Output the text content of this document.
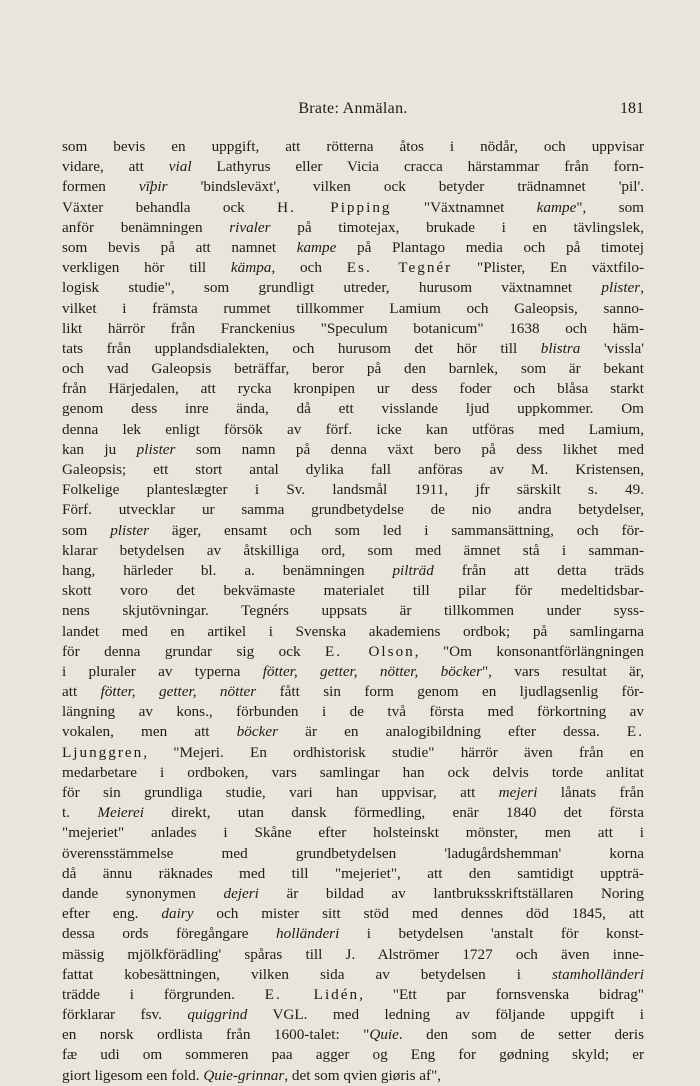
Brate: Anmälan.	181
som bevis en uppgift, att rötterna åtos i nödår, och uppvisar
vidare, att vial Lathyrus eller Vicia cracca härstammar från forn-
formen vīþir 'bindsleväxt', vilken ock betyder trädnamnet 'pil'.
Växter behandla ock H. Pipping "Växtnamnet kampe", som
anför benämningen rivaler på timotejax, brukade i en tävlingslek,
som bevis på att namnet kampe på Plantago media och på timotej
verkligen hör till kämpa, och Es. Tegnér "Plister, En växtfilo-
logisk studie", som grundligt utreder, hurusom växtnamnet plister,
vilket i främsta rummet tillkommer Lamium och Galeopsis, sanno-
likt härrör från Franckenius "Speculum botanicum" 1638 och häm-
tats från upplandsdialekten, och hurusom det hör till blistra 'vissla'
och vad Galeopsis beträffar, beror på den barnlek, som är bekant
från Härjedalen, att rycka kronpipen ur dess foder och blåsa starkt
genom dess inre ända, då ett visslande ljud uppkommer. Om
denna lek enligt försök av förf. icke kan utföras med Lamium,
kan ju plister som namn på denna växt bero på dess likhet med
Galeopsis; ett stort antal dylika fall anföras av M. Kristensen,
Folkelige planteslægter i Sv. landsmål 1911, jfr särskilt s. 49.
Förf. utvecklar ur samma grundbetydelse de nio andra betydelser,
som plister äger, ensamt och som led i sammansättning, och för-
klarar betydelsen av åtskilliga ord, som med ämnet stå i samman-
hang, härleder bl. a. benämningen pilträd från att detta träds
skott voro det bekvämaste materialet till pilar för medeltidsbar-
nens skjutövningar. Tegnérs uppsats är tillkommen under syss-
landet med en artikel i Svenska akademiens ordbok; på samlingarna
för denna grundar sig ock E. Olson, "Om konsonantförlängningen
i pluraler av typerna fötter, getter, nötter, böcker", vars resultat är,
att fötter, getter, nötter fått sin form genom en ljudlagsenlig för-
längning av kons., förbunden i de två första med förkortning av
vokalen, men att böcker är en analogibildning efter dessa. E.
Ljunggren, "Mejeri. En ordhistorisk studie" härrör även från en
medarbetare i ordboken, vars samlingar han ock delvis torde anlitat
för sin grundliga studie, vari han uppvisar, att mejeri lånats från
t. Meierei direkt, utan dansk förmedling, enär 1840 det första
"mejeriet" anlades i Skåne efter holsteinskt mönster, men att i
överensstämmelse med grundbetydelsen 'ladugårdshemman' korna
då ännu räknades med till "mejeriet", att den samtidigt uppträ-
dande synonymen dejeri är bildad av lantbruksskriftställaren Noring
efter eng. dairy och mister sitt stöd med dennes död 1845, att
dessa ords föregångare holländeri i betydelsen 'anstalt för konst-
mässig mjölkförädling' spåras till J. Alströmer 1727 och även inne-
fattat kobesättningen, vilken sida av betydelsen i stamholländeri
trädde i förgrunden. E. Lidén, "Ett par fornsvenska bidrag"
förklarar fsv. quiggrind VGL. med ledning av följande uppgift i
en norsk ordlista från 1600-talet: "Quie. den som de setter deris
fæ udi om sommeren paa agger og Eng for gødning skyld; er
giort ligesom een fold. Quie-grinnar, det som qvien giøris af",
